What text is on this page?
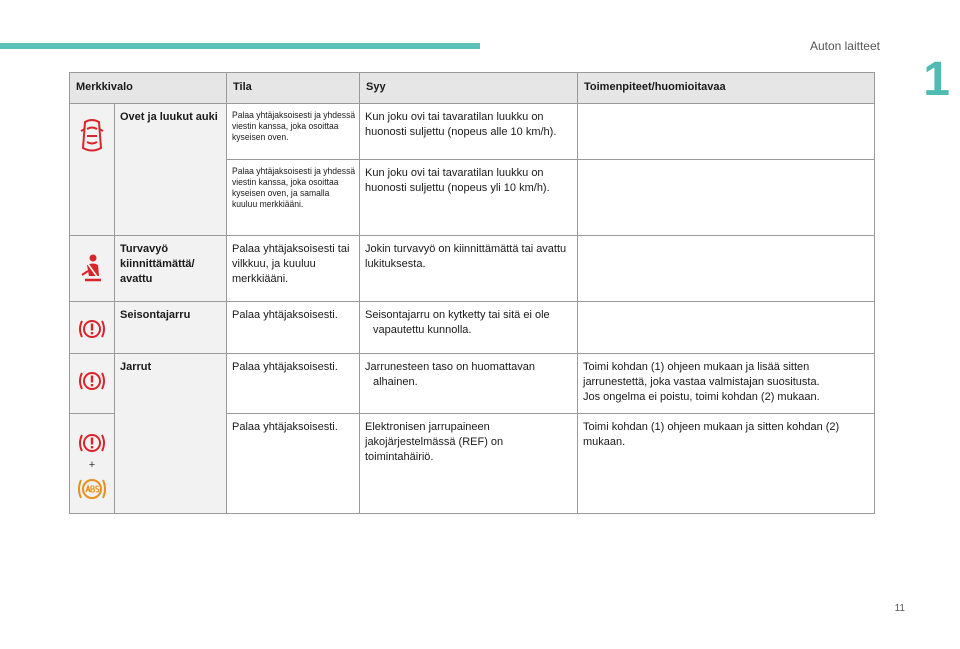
Auton laitteet
1
Merkkivalo		Tila	Syy	Toimenpiteet/huomioitavaa

	Ovet ja luukut auki	Palaa yhtäjaksoisesti ja yhdessä viestin kanssa, joka osoittaa kyseisen oven.	Kun joku ovi tai tavaratilan luukku on huonosti suljettu (nopeus alle 10 km/h).	

		Palaa yhtäjaksoisesti ja yhdessä viestin kanssa, joka osoittaa kyseisen oven, ja samalla kuuluu merkkiääni.	Kun joku ovi tai tavaratilan luukku on huonosti suljettu (nopeus yli 10 km/h).	

	Turvavyö kiinnittämättä/ avattu	Palaa yhtäjaksoisesti tai vilkkuu, ja kuuluu merkkiääni.	Jokin turvavyö on kiinnittämättä tai avattu lukituksesta.	

	Seisontajarru	Palaa yhtäjaksoisesti.	Seisontajarru on kytketty tai sitä ei ole vapautettu kunnolla.	

	Jarrut	Palaa yhtäjaksoisesti.	Jarrunesteen taso on huomattavan alhainen.	Toimi kohdan (1) ohjeen mukaan ja lisää sitten jarrunestettä, joka vastaa valmistajan suositusta.
Jos ongelma ei poistu, toimi kohdan (2) mukaan.

+		Palaa yhtäjaksoisesti.	Elektronisen jarrupaineen jakojärjestelmässä (REF) on toimintahäiriö.	Toimi kohdan (1) ohjeen mukaan ja sitten kohdan (2) mukaan.
11
